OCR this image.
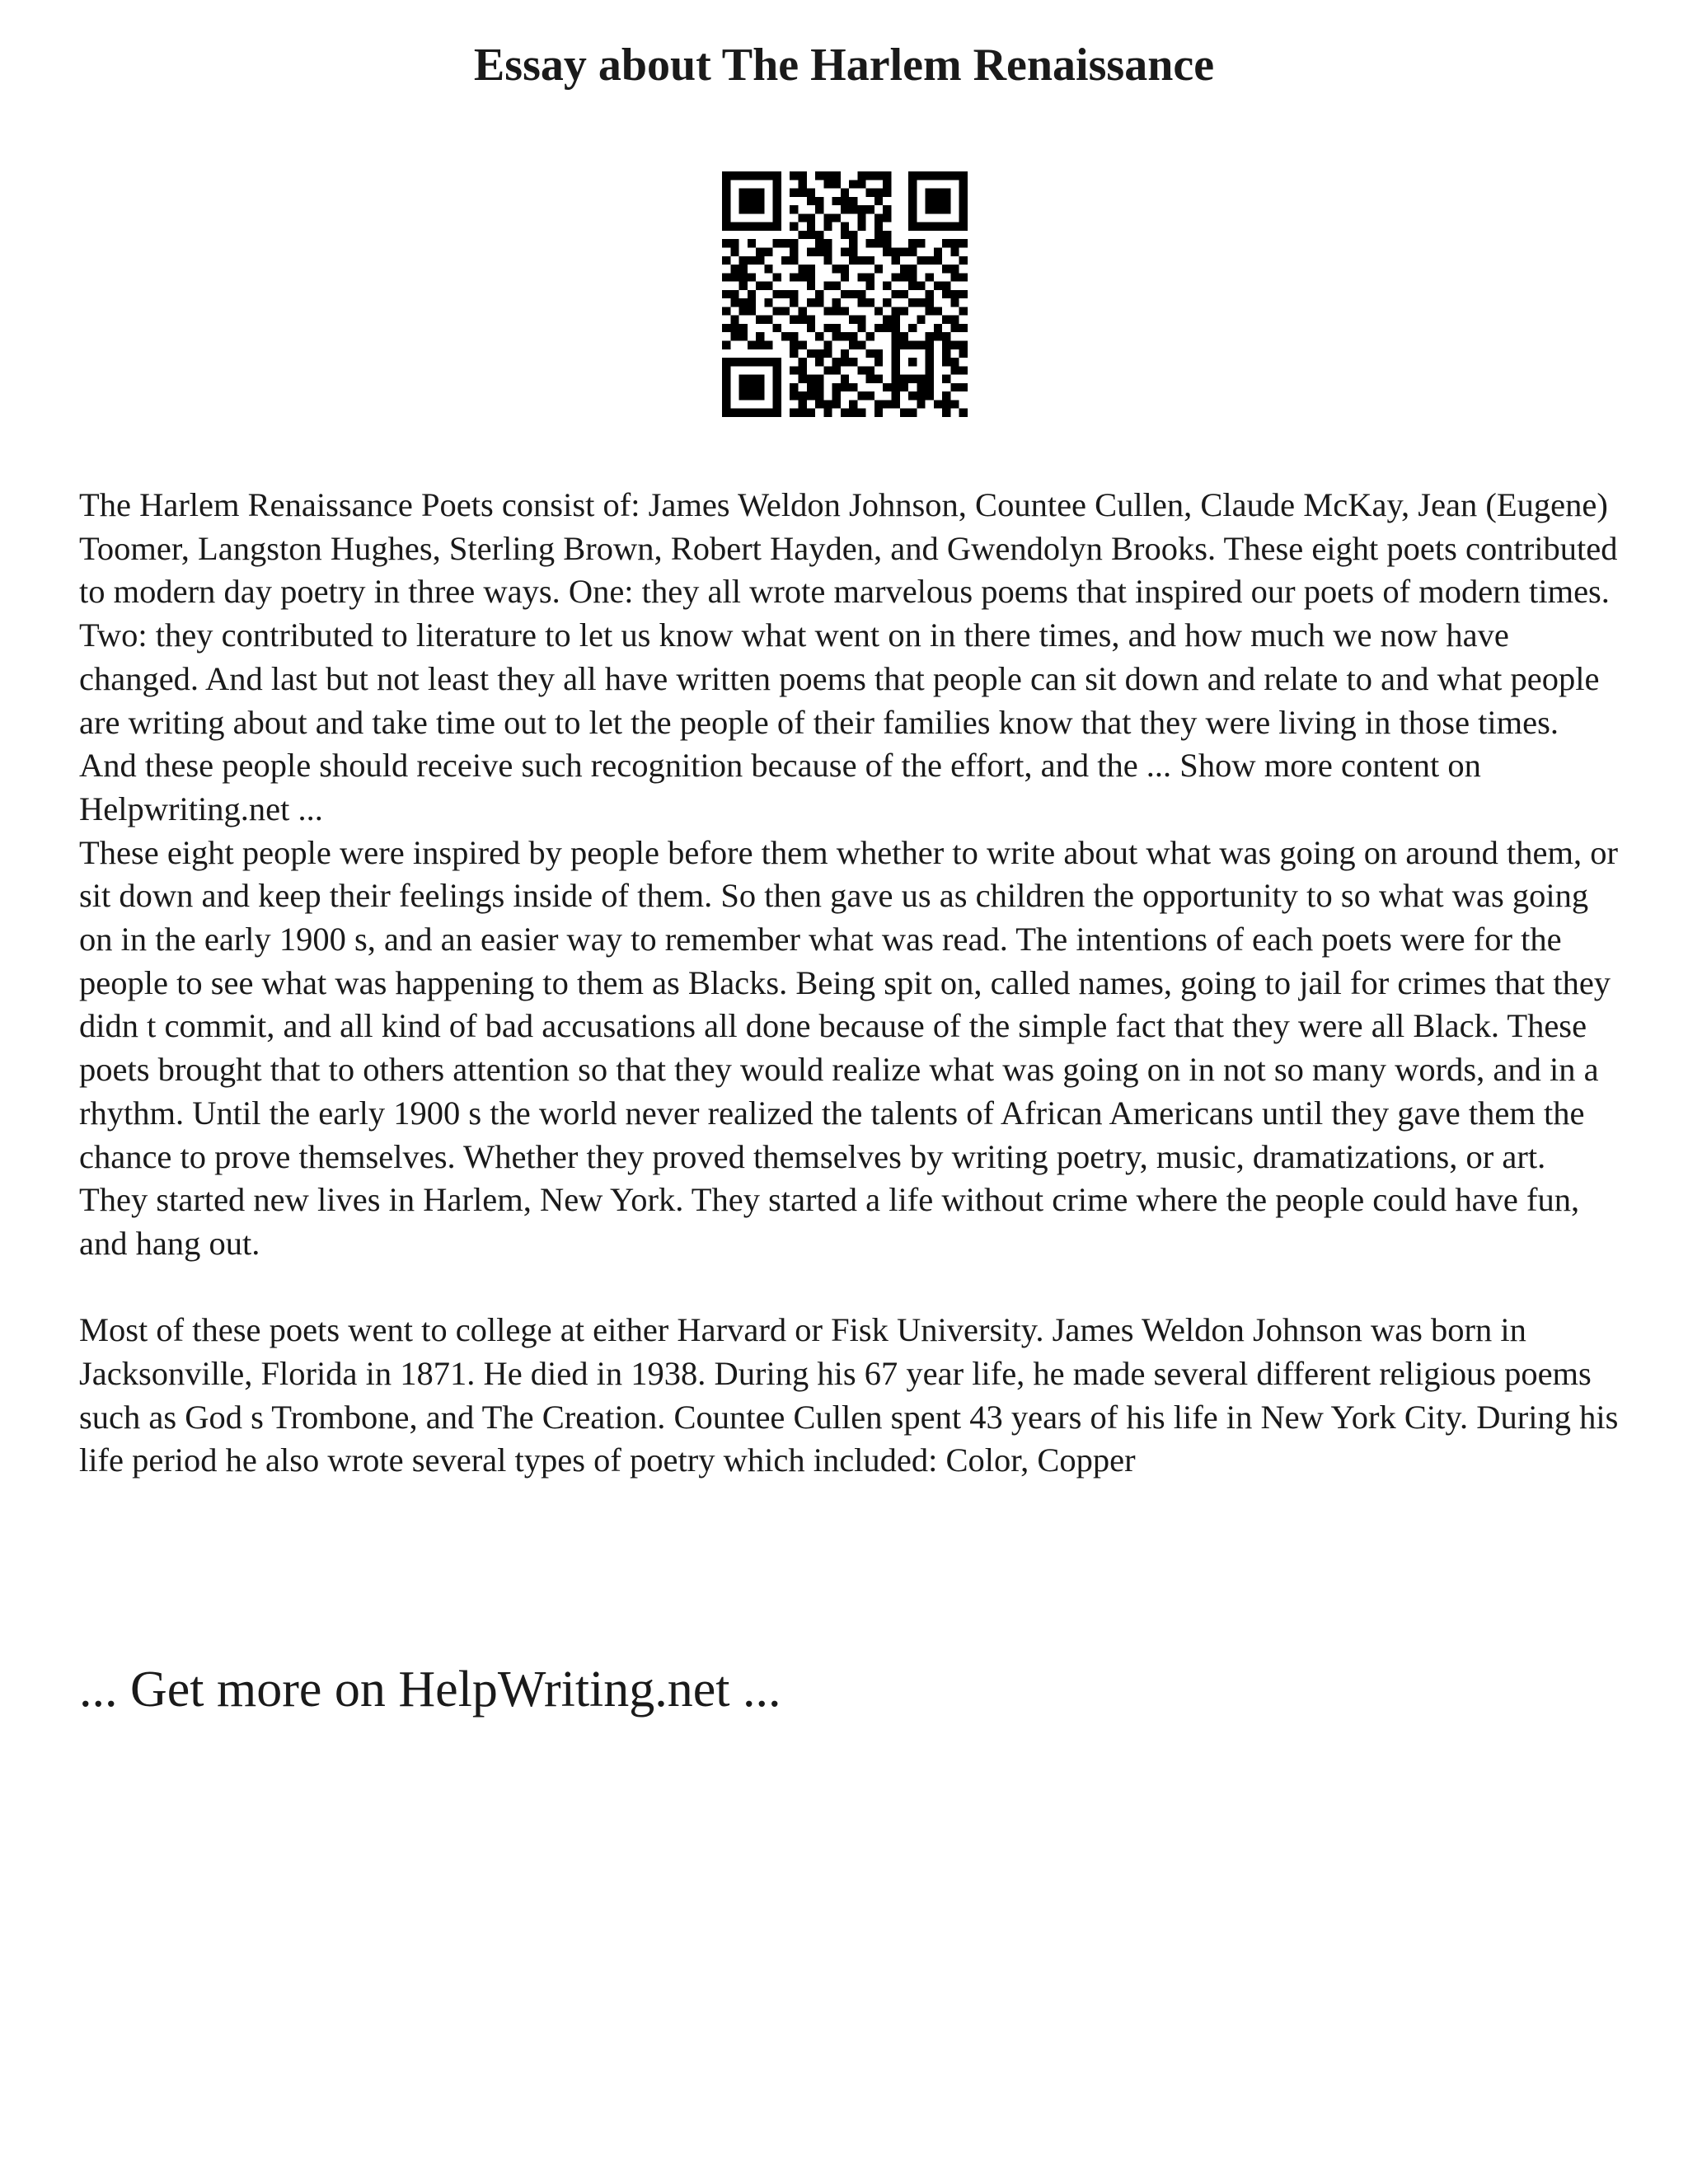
Essay about The Harlem Renaissance

The Harlem Renaissance Poets consist of: James Weldon Johnson, Countee Cullen, Claude McKay, Jean (Eugene) Toomer, Langston Hughes, Sterling Brown, Robert Hayden, and Gwendolyn Brooks. These eight poets contributed to modern day poetry in three ways. One: they all wrote marvelous poems that inspired our poets of modern times. Two: they contributed to literature to let us know what went on in there times, and how much we now have changed. And last but not least they all have written poems that people can sit down and relate to and what people are writing about and take time out to let the people of their families know that they were living in those times. And these people should receive such recognition because of the effort, and the ... Show more content on Helpwriting.net ...

These eight people were inspired by people before them whether to write about what was going on around them, or sit down and keep their feelings inside of them. So then gave us as children the opportunity to so what was going on in the early 1900 s, and an easier way to remember what was read. The intentions of each poets were for the people to see what was happening to them as Blacks. Being spit on, called names, going to jail for crimes that they didn t commit, and all kind of bad accusations all done because of the simple fact that they were all Black. These poets brought that to others attention so that they would realize what was going on in not so many words, and in a rhythm. Until the early 1900 s the world never realized the talents of African Americans until they gave them the chance to prove themselves. Whether they proved themselves by writing poetry, music, dramatizations, or art. They started new lives in Harlem, New York. They started a life without crime where the people could have fun, and hang out.

Most of these poets went to college at either Harvard or Fisk University. James Weldon Johnson was born in Jacksonville, Florida in 1871. He died in 1938. During his 67 year life, he made several different religious poems such as God s Trombone, and The Creation. Countee Cullen spent 43 years of his life in New York City. During his life period he also wrote several types of poetry which included: Color, Copper

... Get more on HelpWriting.net ...
